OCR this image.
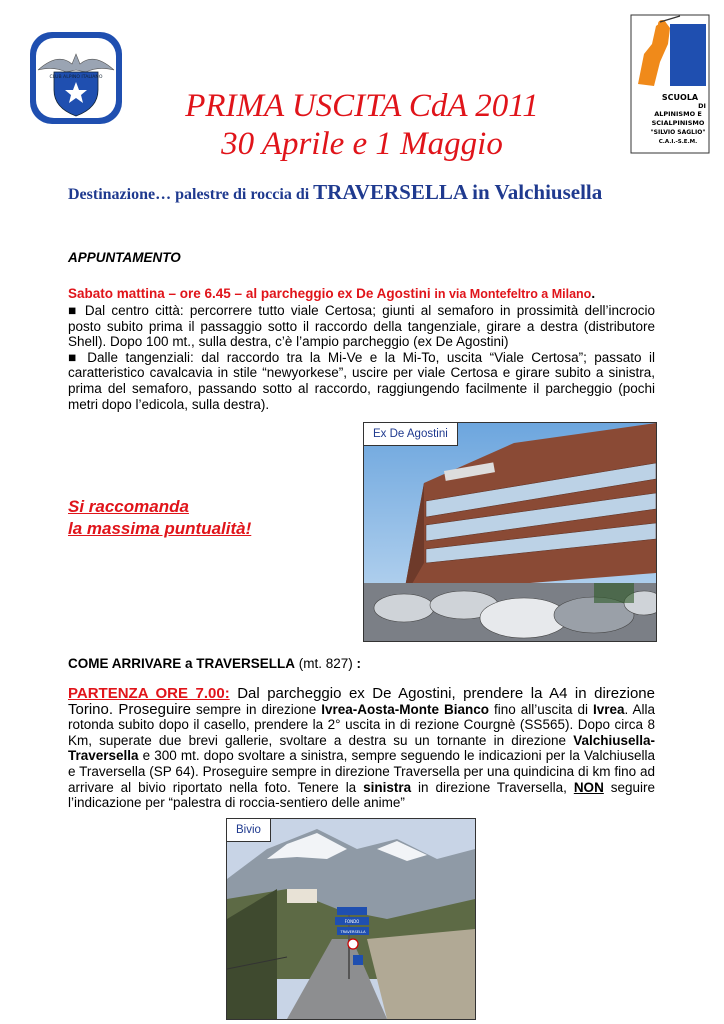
CLUB ALPINO ITALIANO
SCUOLA
DI
ALPINISMO E
SCIALPINISMO
"SILVIO SAGLIO"
C.A.I.-S.E.M.
PRIMA USCITA CdA 2011
30 Aprile e 1 Maggio
Destinazione… palestre di roccia di TRAVERSELLA in Valchiusella
APPUNTAMENTO
Sabato mattina – ore 6.45 – al parcheggio ex De Agostini in via Montefeltro a Milano.
■ Dal centro città: percorrere tutto viale Certosa; giunti al semaforo in prossimità dell’incrocio posto subito prima il passaggio sotto il raccordo della tangenziale, girare a destra (distributore Shell). Dopo 100 mt., sulla destra, c’è l’ampio parcheggio (ex De Agostini)
■ Dalle tangenziali: dal raccordo tra la Mi-Ve e la Mi-To, uscita “Viale Certosa”; passato il caratteristico cavalcavia in stile “newyorkese”, uscire per viale Certosa e girare subito a sinistra, prima del semaforo, passando sotto al raccordo, raggiungendo facilmente il parcheggio (pochi metri dopo l’edicola, sulla destra).
Ex De Agostini
Si raccomanda
la massima puntualità!
COME ARRIVARE a TRAVERSELLA (mt. 827) :
PARTENZA ORE 7.00: Dal parcheggio ex De Agostini, prendere la A4 in direzione Torino. Proseguire sempre in direzione Ivrea-Aosta-Monte Bianco fino all’uscita di Ivrea. Alla rotonda subito dopo il casello, prendere la 2° uscita in di rezione Courgnè (SS565). Dopo circa 8 Km, superate due brevi gallerie, svoltare a destra su un tornante in direzione Valchiusella-Traversella e 300 mt. dopo svoltare a sinistra, sempre seguendo le indicazioni per la Valchiusella e Traversella (SP 64). Proseguire sempre in direzione Traversella per una quindicina di km fino ad arrivare al bivio riportato nella foto. Tenere la sinistra in direzione Traversella, NON seguire l’indicazione per “palestra di roccia-sentiero delle anime”
FONDO
TRAVERSELLA
Bivio
